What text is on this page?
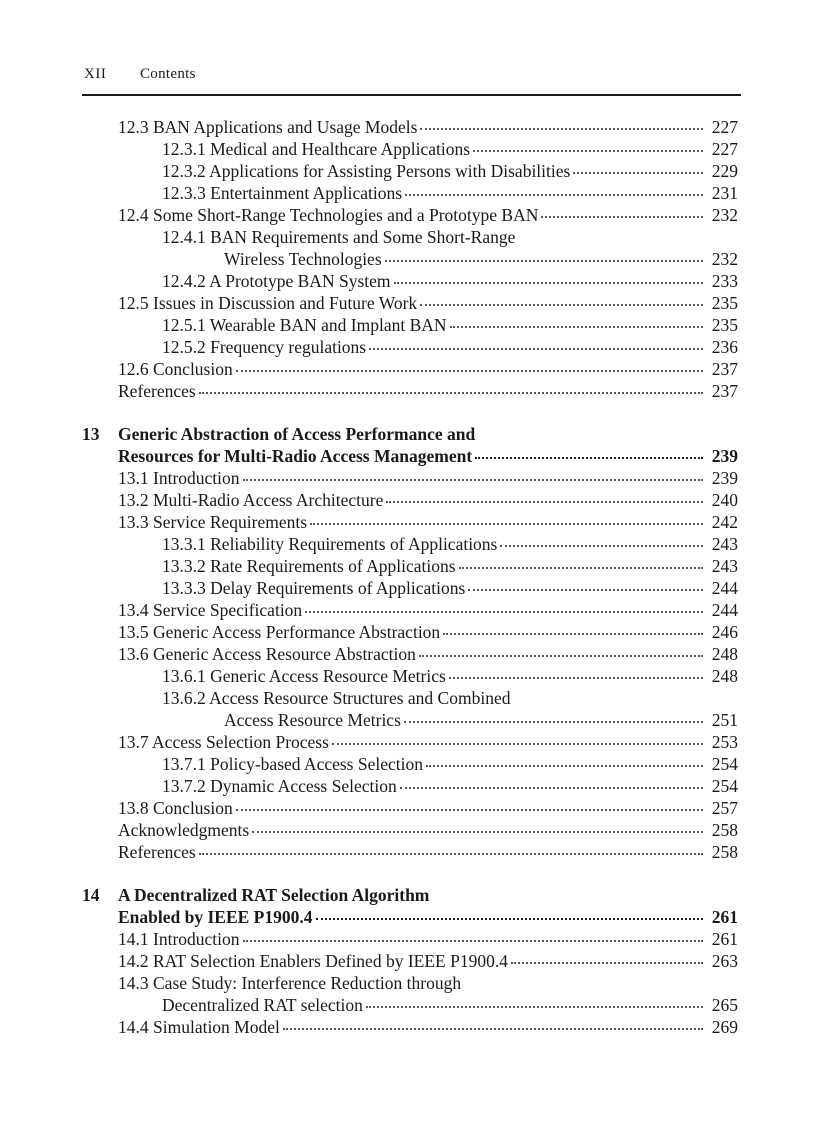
XII Contents
12.3 BAN Applications and Usage Models	227
12.3.1 Medical and Healthcare Applications	227
12.3.2 Applications for Assisting Persons with Disabilities	229
12.3.3 Entertainment Applications	231
12.4 Some Short-Range Technologies and a Prototype BAN	232
12.4.1 BAN Requirements and Some Short-Range
Wireless Technologies	232
12.4.2 A Prototype BAN System	233
12.5 Issues in Discussion and Future Work	235
12.5.1 Wearable BAN and Implant BAN	235
12.5.2 Frequency regulations	236
12.6 Conclusion	237
References	237
13	Generic Abstraction of Access Performance and
Resources for Multi-Radio Access Management	239
13.1 Introduction	239
13.2 Multi-Radio Access Architecture	240
13.3 Service Requirements	242
13.3.1 Reliability Requirements of Applications	243
13.3.2 Rate Requirements of Applications	243
13.3.3 Delay Requirements of Applications	244
13.4 Service Specification	244
13.5 Generic Access Performance Abstraction	246
13.6 Generic Access Resource Abstraction	248
13.6.1 Generic Access Resource Metrics	248
13.6.2 Access Resource Structures and Combined
Access Resource Metrics	251
13.7 Access Selection Process	253
13.7.1 Policy-based Access Selection	254
13.7.2 Dynamic Access Selection	254
13.8 Conclusion	257
Acknowledgments	258
References	258
14	A Decentralized RAT Selection Algorithm
Enabled by IEEE P1900.4	261
14.1 Introduction	261
14.2 RAT Selection Enablers Defined by IEEE P1900.4	263
14.3 Case Study: Interference Reduction through
Decentralized RAT selection	265
14.4 Simulation Model	269
